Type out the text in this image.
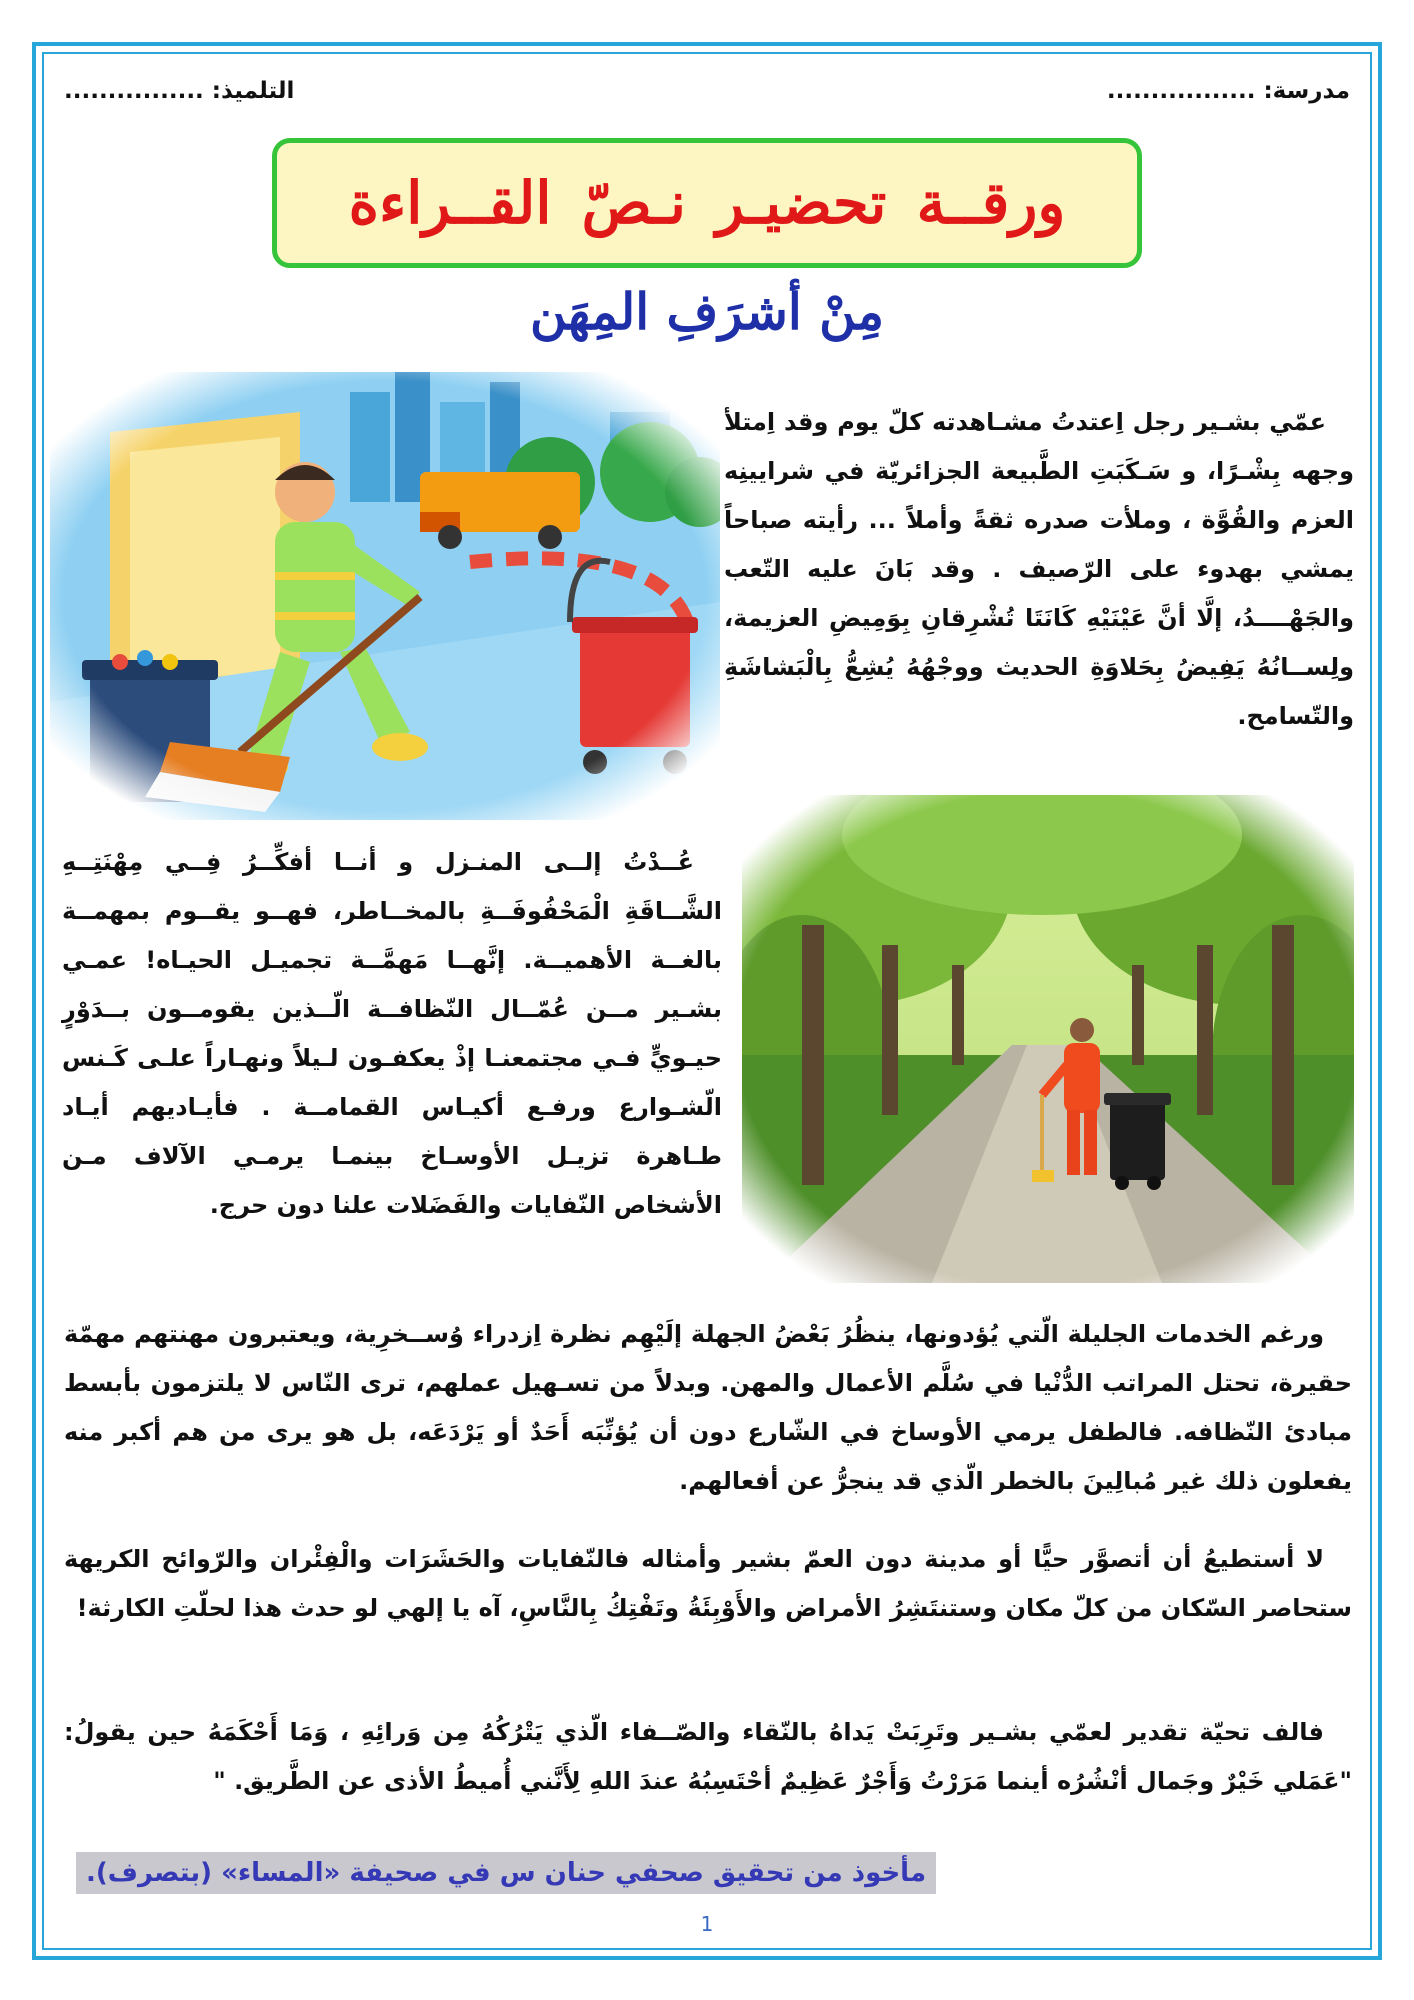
مدرسة: .................
التلميذ: ................
ورقــة تحضيـر نـصّ القــراءة
مِنْ أشرَفِ المِهَن
عمّي بشـير رجل اِعتدتُ مشـاهدته كلّ يوم وقد اِمتلأ وجهه بِشْـرًا، و سَـكَبَتِ الطَّبيعة الجزائريّة في شرايينِه العزم والقُوَّة ، وملأت صدره ثقةً وأملاً ... رأيته صباحاً يمشي بهدوء على الرّصيف . وقد بَانَ عليه التّعب والجَهْــــدُ، إلَّا أنَّ عَيْنَيْهِ كَانَتَا تُشْرِقانِ بِوَمِيضِ العزيمة، ولِســانُهُ يَفِيضُ بِحَلاوَةِ الحديث ووجْهُهُ يُشِعُّ بِالْبَشاشَةِ والتّسامح.
عُــدْتُ إلــى المنـزل و أنــا أفكِّــرُ فِــي مِهْنَتِــهِ الشَّــاقَةِ الْمَحْفُوفَــةِ بالمخــاطر، فهــو يقــوم بمهمــة بالغــة الأهميــة. إنَّهــا مَهمَّــة تجميـل الحيـاه! عمـي بشـير مــن عُمّــال النّظافــة الّــذين يقومــون بــدَوْرٍ حيـويٍّ فـي مجتمعنـا إذْ يعكفـون لـيلاً ونهـاراً علـى كَـنس الّشـوارع ورفـع أكيـاس القمامــة . فأيـاديهم أيـاد طـاهرة تزيـل الأوسـاخ بينمـا يرمـي الآلاف مـن الأشخاص النّفايات والفَضَلات علنا دون حرج.
ورغم الخدمات الجليلة الّتي يُؤدونها، ينظُرُ بَعْضُ الجهلة إلَيْهِم نظرة اِزدراء وُســخرِية، ويعتبرون مهنتهم مهمّة حقيرة، تحتل المراتب الدُّنْيا في سُلَّم الأعمال والمهن. وبدلاً من تسـهيل عملهم، ترى النّاس لا يلتزمون بأبسط مبادئ النّظافه. فالطفل يرمي الأوساخ في الشّارع دون أن يُؤنِّبَه أَحَدٌ أو يَرْدَعَه، بل هو يرى من هم أكبر منه يفعلون ذلك غير مُبالِينَ بالخطر الّذي قد ينجرُّ عن أفعالهم.
لا أستطيعُ أن أتصوَّر حيًّا أو مدينة دون العمّ بشير وأمثاله فالنّفايات والحَشَرَات والْفِئْران والرّوائح الكريهة ستحاصر السّكان من كلّ مكان وستنتَشِرُ الأمراض والأَوْبِئَةُ وتَفْتِكُ بِالنَّاسِ، آه يا إلهي لو حدث هذا لحلّتِ الكارثة!
فالف تحيّة تقدير لعمّي بشـير وتَرِبَتْ يَداهُ بالنّقاء والصّــفاء الّذي يَتْرُكُهُ مِن وَرائِهِ ، وَمَا أَحْكَمَهُ حين يقولُ: "عَمَلي خَيْرٌ وجَمال أنْشُرُه أينما مَرَرْتُ وَأَجْرٌ عَظِيمٌ أحْتَسِبُهُ عندَ اللهِ لِأَنَّني أُميطُ الأذى عن الطَّريق. "
مأخوذ من تحقيق صحفي حنان س في صحيفة «المساء» (بتصرف).
1
